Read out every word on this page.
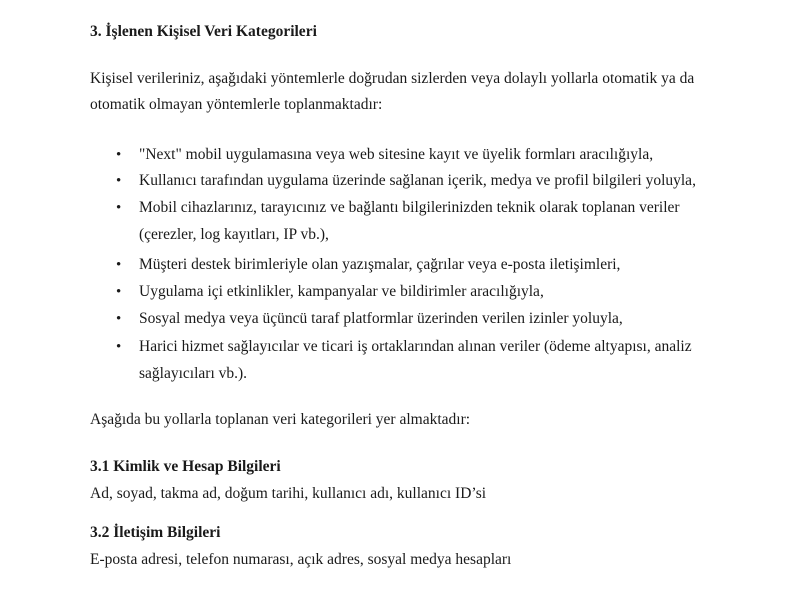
3. İşlenen Kişisel Veri Kategorileri
Kişisel verileriniz, aşağıdaki yöntemlerle doğrudan sizlerden veya dolaylı yollarla otomatik ya da
otomatik olmayan yöntemlerle toplanmaktadır:
• "Next" mobil uygulamasına veya web sitesine kayıt ve üyelik formları aracılığıyla,
• Kullanıcı tarafından uygulama üzerinde sağlanan içerik, medya ve profil bilgileri yoluyla,
• Mobil cihazlarınız, tarayıcınız ve bağlantı bilgilerinizden teknik olarak toplanan veriler
(çerezler, log kayıtları, IP vb.),
• Müşteri destek birimleriyle olan yazışmalar, çağrılar veya e-posta iletişimleri,
• Uygulama içi etkinlikler, kampanyalar ve bildirimler aracılığıyla,
• Sosyal medya veya üçüncü taraf platformlar üzerinden verilen izinler yoluyla,
• Harici hizmet sağlayıcılar ve ticari iş ortaklarından alınan veriler (ödeme altyapısı, analiz
sağlayıcıları vb.).
Aşağıda bu yollarla toplanan veri kategorileri yer almaktadır:
3.1 Kimlik ve Hesap Bilgileri
Ad, soyad, takma ad, doğum tarihi, kullanıcı adı, kullanıcı ID’si
3.2 İletişim Bilgileri
E-posta adresi, telefon numarası, açık adres, sosyal medya hesapları
